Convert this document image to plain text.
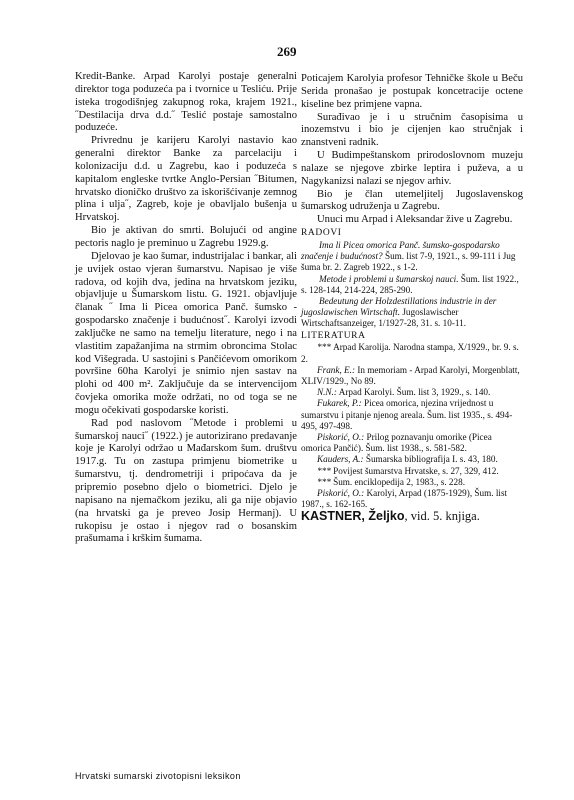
269

Kredit-Banke. Arpad Karolyi postaje generalni direktor toga poduzeća pa i tvornice u Tesliću. Prije isteka trogodišnjeg zakupnog roka, krajem 1921., ˝Destilacija drva d.d.˝ Teslić postaje samostalno poduzeće.

Privrednu je karijeru Karolyi nastavio kao generalni direktor Banke za parcelaciju i kolonizaciju d.d. u Zagrebu, kao i poduzeća s kapitalom engleske tvrtke Anglo-Persian ˝Bitumen, hrvatsko dioničko društvo za iskorišćivanje zemnog plina i ulja˝, Zagreb, koje je obavljalo bušenja u Hrvatskoj.

Bio je aktivan do smrti. Bolujući od angine pectoris naglo je preminuo u Zagrebu 1929.g.

Djelovao je kao šumar, industrijalac i bankar, ali je uvijek ostao vjeran šumarstvu. Napisao je više radova, od kojih dva, jedina na hrvatskom jeziku, objavljuje u Šumarskom listu. G. 1921. objavljuje članak ˝ Ima li Picea omorica Panč. šumsko - gospodarsko značenje i budućnost˝. Karolyi izvodi zaključke ne samo na temelju literature, nego i na vlastitim zapažanjima na strmim obroncima Stolac kod Višegrada. U sastojini s Pančićevom omorikom površine 60ha Karolyi je snimio njen sastav na plohi od 400 m². Zaključuje da se intervencijom čovjeka omorika može održati, no od toga se ne mogu očekivati gospodarske koristi.

Rad pod naslovom ˝Metode i problemi u šumarskoj nauci˝ (1922.) je autorizirano predavanje koje je Karolyi održao u Mađarskom šum. društvu 1917.g. Tu on zastupa primjenu biometrike u šumarstvu, tj. dendrometriji i pripoćava da je pripremio posebno djelo o biometrici. Djelo je napisano na njemačkom jeziku, ali ga nije objavio (na hrvatski ga je preveo Josip Hermanj). U rukopisu je ostao i njegov rad o bosanskim prašumama i krškim šumama.

Poticajem Karolyia profesor Tehničke škole u Beču Serida pronašao je postupak koncetracije octene kiseline bez primjene vapna.

Surađivao je i u stručnim časopisima u inozemstvu i bio je cijenjen kao stručnjak i znanstveni radnik.

U Budimpeštanskom prirodoslovnom muzeju nalaze se njegove zbirke leptira i puževa, a u Nagykanizsi nalazi se njegov arhiv.

Bio je član utemeljitelj Jugoslavenskog šumarskog udruženja u Zagrebu.

Unuci mu Arpad i Aleksandar žive u Zagrebu.

RADOVI

Ima li Picea omorica Panč. šumsko-gospodarsko značenje i budućnost? Šum. list 7-9, 1921., s. 99-111 i Jug šuma br. 2. Zagreb 1922., s 1-2.

Metode i problemi u šumarskoj nauci. Šum. list 1922., s. 128-144, 214-224, 285-290.

Bedeutung der Holzdestillations industrie in der jugoslawischen Wirtschaft. Jugoslawischer Wirtschaftsanzeiger, 1/1927-28, 31. s. 10-11.

LITERATURA

*** Arpad Karolija. Narodna stampa, X/1929., br. 9. s. 2.

Frank, E.: In memoriam - Arpad Karolyi, Morgenblatt, XLIV/1929., No 89.

N.N.: Arpad Karolyi. Šum. list 3, 1929., s. 140.

Fukarek, P.: Picea omorica, njezina vrijednost u sumarstvu i pitanje njenog areala. Šum. list 1935., s. 494-495, 497-498.

Piskorić, O.: Prilog poznavanju omorike (Picea omorica Pančić). Šum. list 1938., s. 581-582.

Kauders, A.: Šumarska bibliografija I. s. 43, 180.

*** Povijest šumarstva Hrvatske, s. 27, 329, 412.

*** Šum. enciklopedija 2, 1983., s. 228.

Piskorić, O.: Karolyi, Arpad (1875-1929), Šum. list 1987., s. 162-165.

KASTNER, Željko, vid. 5. knjiga.

Hrvatski sumarski zivotopisni leksikon
